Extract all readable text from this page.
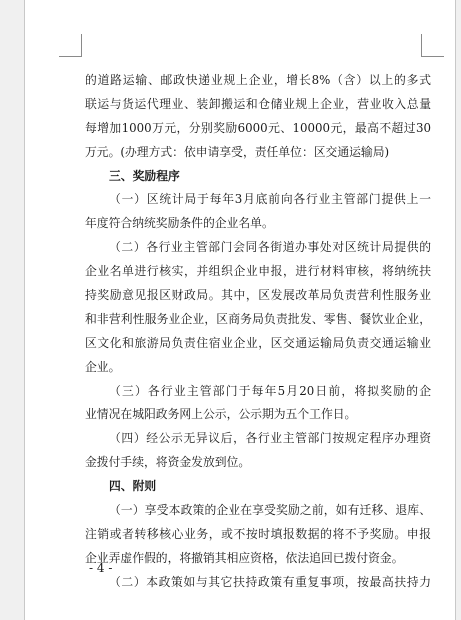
的道路运输、邮政快递业规上企业，增长8%（含）以上的多式
联运与货运代理业、装卸搬运和仓储业规上企业，营业收入总量
每增加1000万元，分别奖励6000元、10000元，最高不超过30
万元。(办理方式：依申请享受，责任单位：区交通运输局)
三、奖励程序
（一）区统计局于每年3月底前向各行业主管部门提供上一
年度符合纳统奖励条件的企业名单。
（二）各行业主管部门会同各街道办事处对区统计局提供的
企业名单进行核实，并组织企业申报，进行材料审核，将纳统扶
持奖励意见报区财政局。其中，区发展改革局负责营利性服务业
和非营利性服务业企业，区商务局负责批发、零售、餐饮业企业，
区文化和旅游局负责住宿业企业，区交通运输局负责交通运输业
企业。
（三）各行业主管部门于每年5月20日前，将拟奖励的企
业情况在城阳政务网上公示，公示期为五个工作日。
（四）经公示无异议后，各行业主管部门按规定程序办理资
金拨付手续，将资金发放到位。
四、附则
（一）享受本政策的企业在享受奖励之前，如有迁移、退库、
注销或者转移核心业务，或不按时填报数据的将不予奖励。申报
企业弄虚作假的，将撤销其相应资格，依法追回已拨付资金。
（二）本政策如与其它扶持政策有重复事项，按最高扶持力
- 4 -
